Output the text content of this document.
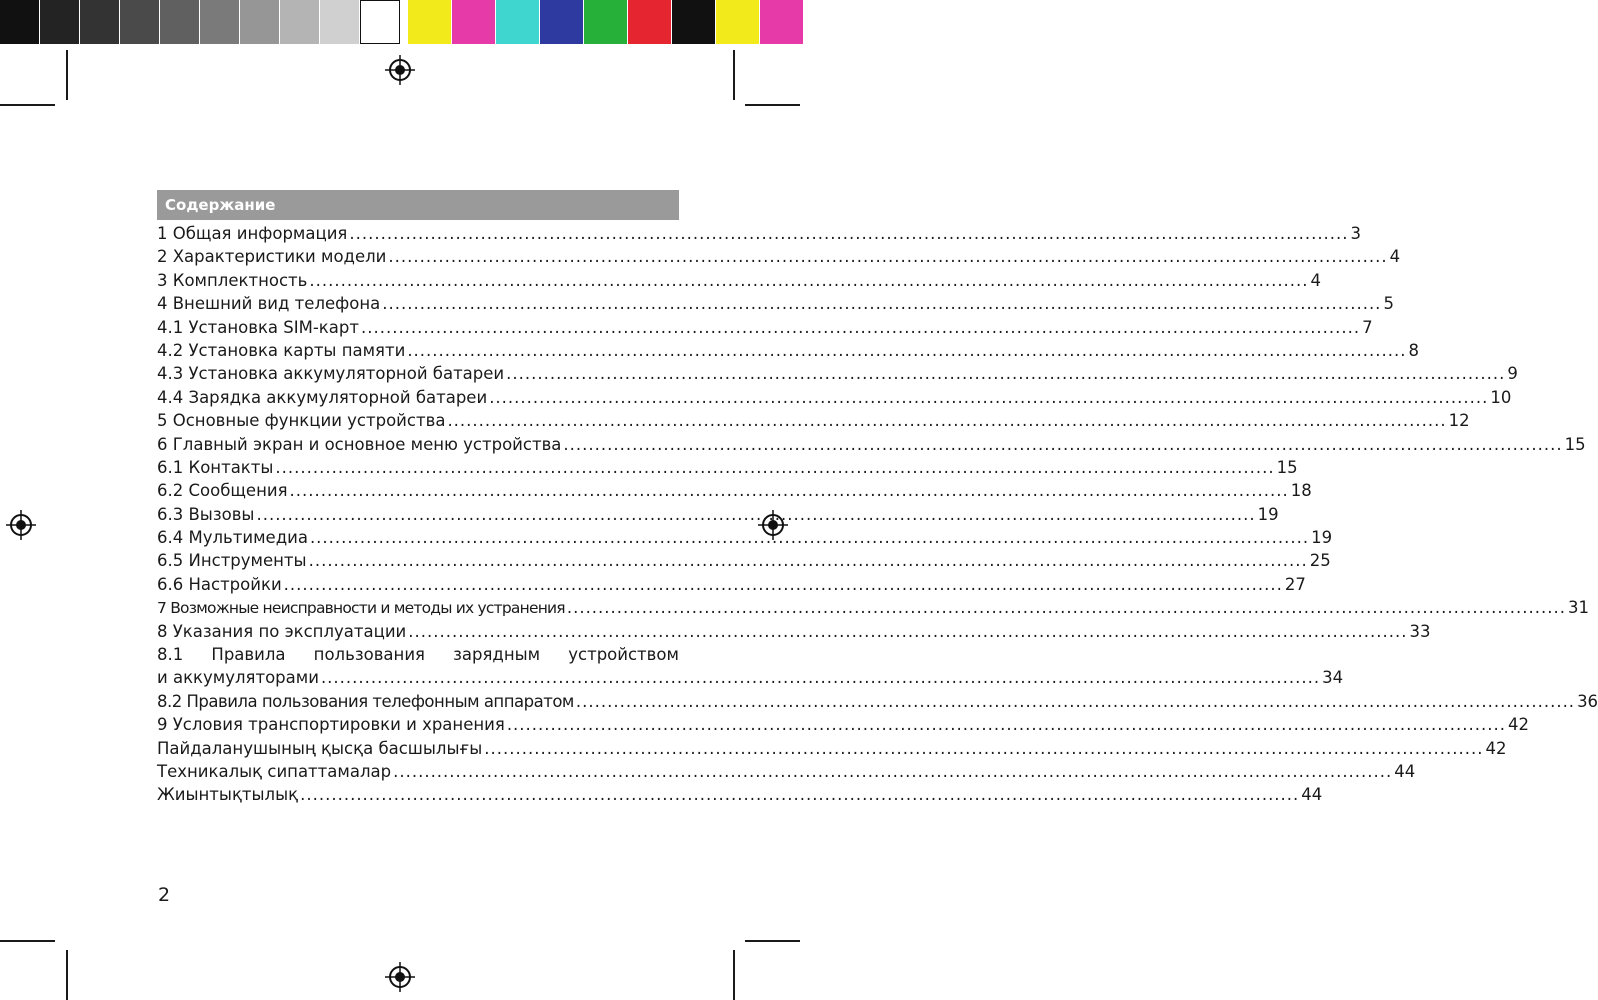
Содержание
1 Общая информация .....	3
2 Характеристики модели .....	4
3 Комплектность .....	4
4 Внешний вид телефона .....	5
4.1 Установка SIM-карт .....	7
4.2 Установка карты памяти .....	8
4.3 Установка аккумуляторной батареи .....	9
4.4 Зарядка аккумуляторной батареи .....	10
5 Основные функции устройства .....	12
6 Главный экран и основное меню устройства .....	15
6.1 Контакты .....	15
6.2 Сообщения .....	18
6.3 Вызовы .....	19
6.4 Мультимедиа .....	19
6.5 Инструменты .....	25
6.6 Настройки .....	27
7 Возможные неисправности и методы их устранения .....	31
8 Указания по эксплуатации .....	33
8.1 Правила пользования зарядным устройством
и аккумуляторами .....	34
8.2 Правила пользования телефонным аппаратом .....	36
9 Условия транспортировки и хранения .....	42
Пайдаланушының қысқа басшылығы .....	42
Техникалық сипаттамалар .....	44
Жиынтықтылық .....	44
2
